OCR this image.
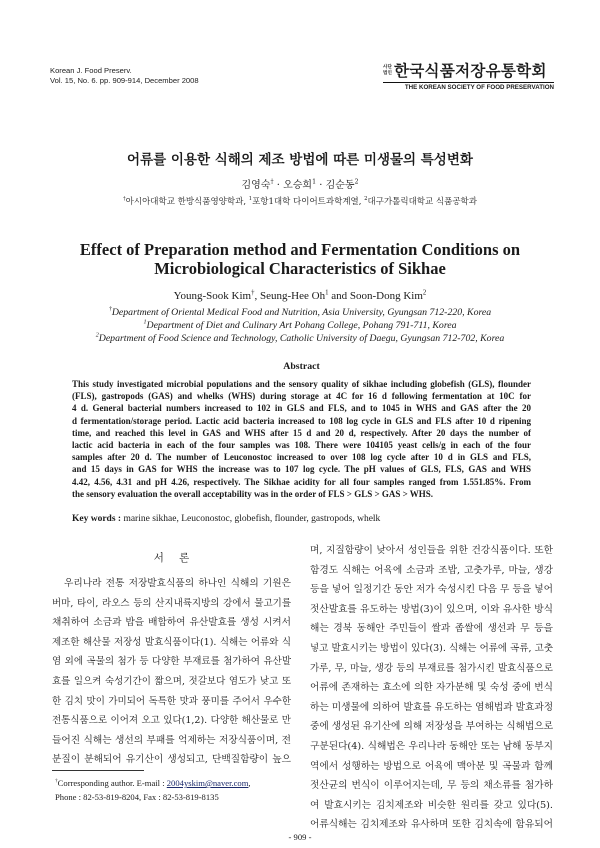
Korean J. Food Preserv.
Vol. 15, No. 6. pp. 909-914, December 2008
사단법인 한국식품저장유통학회
THE KOREAN SOCIETY OF FOOD PRESERVATION
어류를 이용한 식해의 제조 방법에 따른 미생물의 특성변화
김영숙† · 오승희$^1$ · 김순동$^2$
†아시아대학교 한방식품영양학과, $^1$포항1대학 다이어트과학계열, $^2$대구가톨릭대학교 식품공학과
Effect of Preparation method and Fermentation Conditions on
Microbiological Characteristics of Sikhae
Young-Sook Kim†, Seung-Hee Oh$^1$ and Soon-Dong Kim$^2$
†Department of Oriental Medical Food and Nutrition, Asia University, Gyungsan 712-220, Korea
$^1$Department of Diet and Culinary Art Pohang College, Pohang 791-711, Korea
$^2$Department of Food Science and Technology, Catholic University of Daegu, Gyungsan 712-702, Korea
Abstract
This study investigated microbial populations and the sensory quality of sikhae including globefish (GLS), flounder
(FLS), gastropods (GAS) and whelks (WHS) during storage at 4C for 16 d following fermentation at 10C for
4 d. General bacterial numbers increased to 102 in GLS and FLS, and to 1045 in WHS and GAS after the 20
d fermentation/storage period. Lactic acid bacteria increased to 108 log cycle in GLS and FLS after 10 d ripening
time, and reached this level in GAS and WHS after 15 d and 20 d, respectively. After 20 days the number of
lactic acid bacteria in each of the four samples was 108. There were 104105 yeast cells/g in each of the four
samples after 20 d. The number of Leuconostoc increased to over 108 log cycle after 10 d in GLS and FLS,
and 15 days in GAS for WHS the increase was to 107 log cycle. The pH values of GLS, FLS, GAS and WHS
4.42, 4.56, 4.31 and pH 4.26, respectively. The Sikhae acidity for all four samples ranged from 1.551.85%. From
the sensory evaluation the overall acceptability was in the order of FLS > GLS > GAS > WHS.
Key words : marine sikhae, Leuconostoc, globefish, flounder, gastropods, whelk
서 론
우리나라 전통 저장발효식품의 하나인 식해의 기원은
버마, 타이, 라오스 등의 산지내륙지방의 강에서 물고기를
채취하여 소금과 밥을 배합하여 유산발효를 생성 시켜서
제조한 해산물 저장성 발효식품이다(1). 식해는 어류와 식
염 외에 곡물의 첨가 등 다양한 부재료를 첨가하여 유산발
효를 일으켜 숙성기간이 짧으며, 젓갈보다 염도가 낮고 또
한 김치 맛이 가미되어 독특한 맛과 풍미를 주어서 우수한
전통식품으로 이어져 오고 있다(1,2). 다양한 해산물로 만
들어진 식해는 생선의 부패를 억제하는 저장식품이며, 전
분질이 분해되어 유기산이 생성되고, 단백질함량이 높으
며, 지질함량이 낮아서 성인들을 위한 건강식품이다. 또한
함경도 식해는 어육에 소금과 조밥, 고춧가루, 마늘, 생강
등을 넣어 일정기간 동안 저가 숙성시킨 다음 무 등을 넣어
젓산발효를 유도하는 방법(3)이 있으며, 이와 유사한 방식
해는 경북 동해안 주민들이 쌀과 좁쌀에 생선과 무 등을
넣고 발효시키는 방법이 있다(3). 식해는 어류에 곡류, 고춧
가루, 무, 마늘, 생강 등의 부재료를 첨가시킨 발효식품으로
어류에 존재하는 효소에 의한 자가분해 및 숙성 중에 번식
하는 미생물에 의하여 발효를 유도하는 염해법과 발효과정
중에 생성된 유기산에 의해 저장성을 부여하는 식해법으로
구분된다(4). 식해법은 우리나라 동해안 또는 남해 동부지
역에서 성행하는 방법으로 어육에 맥아분 및 곡물과 함께
젓산균의 번식이 이루어지는데, 무 등의 채소류를 첨가하
여 발효시키는 김치제조와 비슷한 원리를 갖고 있다(5).
어류식해는 김치제조와 유사하며 또한 김치속에 함유되어
†Corresponding author. E-mail : 2004yskim@naver.com,
Phone : 82-53-819-8204, Fax : 82-53-819-8135
- 909 -
